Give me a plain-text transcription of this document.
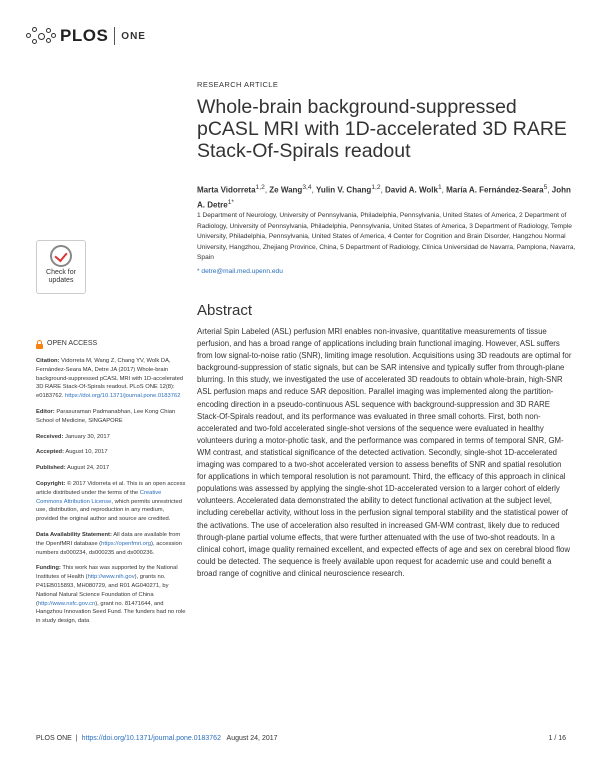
PLOS ONE
RESEARCH ARTICLE
Whole-brain background-suppressed pCASL MRI with 1D-accelerated 3D RARE Stack-Of-Spirals readout
Marta Vidorreta$^{1,2}$, Ze Wang$^{3,4}$, Yulin V. Chang$^{1,2}$, David A. Wolk$^1$, María A. Fernández-Seara$^5$, John A. Detre$^{1*}$
1 Department of Neurology, University of Pennsylvania, Philadelphia, Pennsylvania, United States of America, 2 Department of Radiology, University of Pennsylvania, Philadelphia, Pennsylvania, United States of America, 3 Department of Radiology, Temple University, Philadelphia, Pennsylvania, United States of America, 4 Center for Cognition and Brain Disorder, Hangzhou Normal University, Hangzhou, Zhejiang Province, China, 5 Department of Radiology, Clínica Universidad de Navarra, Pamplona, Navarra, Spain
* detre@mail.med.upenn.edu
Check for
updates
Abstract
Arterial Spin Labeled (ASL) perfusion MRI enables non-invasive, quantitative measurements of tissue perfusion, and has a broad range of applications including brain functional imaging. However, ASL suffers from low signal-to-noise ratio (SNR), limiting image resolution. Acquisitions using 3D readouts are optimal for background-suppression of static signals, but can be SAR intensive and typically suffer from through-plane blurring. In this study, we investigated the use of accelerated 3D readouts to obtain whole-brain, high-SNR ASL perfusion maps and reduce SAR deposition. Parallel imaging was implemented along the partition-encoding direction in a pseudo-continuous ASL sequence with background-suppression and 3D RARE Stack-Of-Spirals readout, and its performance was evaluated in three small cohorts. First, both non-accelerated and two-fold accelerated single-shot versions of the sequence were evaluated in healthy volunteers during a motor-photic task, and the performance was compared in terms of temporal SNR, GM-WM contrast, and statistical significance of the detected activation. Secondly, single-shot 1D-accelerated imaging was compared to a two-shot accelerated version to assess benefits of SNR and spatial resolution for applications in which temporal resolution is not paramount. Third, the efficacy of this approach in clinical populations was assessed by applying the single-shot 1D-accelerated version to a larger cohort of elderly volunteers. Accelerated data demonstrated the ability to detect functional activation at the subject level, including cerebellar activity, without loss in the perfusion signal temporal stability and the statistical power of the activations. The use of acceleration also resulted in increased GM-WM contrast, likely due to reduced through-plane partial volume effects, that were further attenuated with the use of two-shot readouts. In a clinical cohort, image quality remained excellent, and expected effects of age and sex on cerebral blood flow could be detected. The sequence is freely available upon request for academic use and could benefit a broad range of cognitive and clinical neuroscience research.
OPEN ACCESS
Citation: Vidorreta M, Wang Z, Chang YV, Wolk DA, Fernández-Seara MA, Detre JA (2017) Whole-brain background-suppressed pCASL MRI with 1D-accelerated 3D RARE Stack-Of-Spirals readout. PLoS ONE 12(8): e0183762. https://doi.org/10.1371/journal.pone.0183762
Editor: Parasuraman Padmanabhan, Lee Kong Chian School of Medicine, SINGAPORE
Received: January 30, 2017
Accepted: August 10, 2017
Published: August 24, 2017
Copyright: © 2017 Vidorreta et al. This is an open access article distributed under the terms of the Creative Commons Attribution License, which permits unrestricted use, distribution, and reproduction in any medium, provided the original author and source are credited.
Data Availability Statement: All data are available from the OpenfMRI database (https://openfmri.org), accession numbers ds000234, ds000235 and ds000236.
Funding: This work has was supported by the National Institutes of Health (http://www.nih.gov), grants no. P41EB015893, MH080729, and R01 AG040271, by National Natural Science Foundation of China (http://www.nsfc.gov.cn), grant no. 81471644, and Hangzhou Innovation Seed Fund. The funders had no role in study design, data
PLOS ONE | https://doi.org/10.1371/journal.pone.0183762 August 24, 2017	1 / 16
